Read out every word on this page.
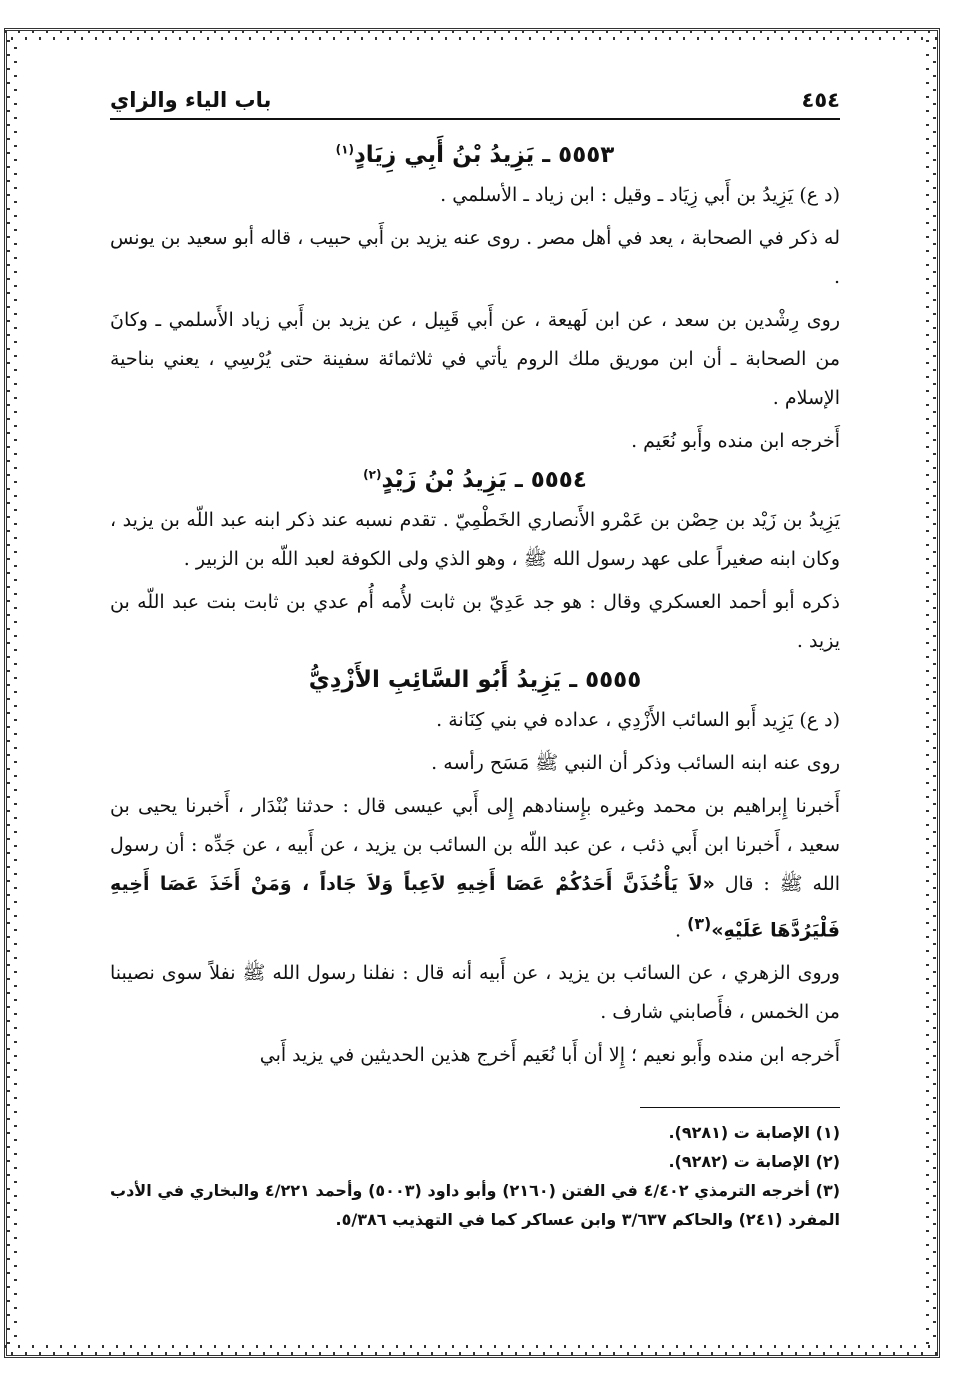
٤٥٤
باب الياء والزاي
٥٥٥٣ ـ يَزِيدُ بْنُ أَبِي زِيَادٍ$^{(١)}$

(د ع) يَزِيدُ بن أَبي زِيَاد ـ وقيل : ابن زياد ـ الأسلمي .

له ذكر في الصحابة ، يعد في أهل مصر . روى عنه يزيد بن أَبي حبيب ، قاله أبو سعيد بن يونس .

روى رِشْدين بن سعد ، عن ابن لَهيعة ، عن أَبي قَبِيل ، عن يزيد بن أَبي زياد الأَسلمي ـ وكانَ من الصحابة ـ أن ابن موريق ملك الروم يأتي في ثلاثمائة سفينة حتى يُرْسِي ، يعني بناحية الإسلام .

أَخرجه ابن منده وأَبو نُعَيم .

٥٥٥٤ ـ يَزِيدُ بْنُ زَيْدٍ$^{(٢)}$

يَزِيدُ بن زَيْد بن حِصْن بن عَمْرو الأَنصاري الخَطْمِيّ . تقدم نسبه عند ذكر ابنه عبد اللّه بن يزيد ، وكان ابنه صغيراً على عهد رسول الله ﷺ ، وهو الذي ولى الكوفة لعبد اللّه بن الزبير .

ذكره أبو أحمد العسكري وقال : هو جد عَدِيّ بن ثابت لأُمه أُم عدي بن ثابت بنت عبد اللّه بن يزيد .

٥٥٥٥ ـ يَزِيدُ أَبُو السَّائِبِ الأَزْدِيُّ

(د ع) يَزِيد أَبو السائب الأَزْدِي ، عداده في بني كِنَانة .

روى عنه ابنه السائب وذكر أن النبي ﷺ مَسَح رأسه .

أَخبرنا إِبراهيم بن محمد وغيره بإِسنادهم إِلى أَبي عيسى قال : حدثنا بُنْدَار ، أَخبرنا يحيى بن سعيد ، أَخبرنا ابن أَبي ذئب ، عن عبد اللّه بن السائب بن يزيد ، عن أَبيه ، عن جَدِّه : أن رسول الله ﷺ : قال «لاَ يَأْخُذَنَّ أَحَدُكُمْ عَصَا أَخِيهِ لاَعِباً وَلاَ جَاداً ، وَمَنْ أَخَذَ عَصَا أَخِيهِ فَلْيَرُدَّهَا عَلَيْهِ»$^{(٣)}$ .

وروى الزهري ، عن السائب بن يزيد ، عن أَبيه أنه قال : نفلنا رسول الله ﷺ نفلاً سوى نصيبنا من الخمس ، فأَصابني شارف .

أَخرجه ابن منده وأَبو نعيم ؛ إِلا أن أَبا نُعَيم أَخرج هذين الحديثين في يزيد أَبي

(١) الإصابة ت (٩٢٨١).

(٢) الإصابة ت (٩٢٨٢).

(٣) أخرجه الترمذي ٤/٤٠٢ في الفتن (٢١٦٠) وأبو داود (٥٠٠٣) وأحمد ٤/٢٢١ والبخاري في الأدب المفرد (٢٤١) والحاكم ٣/٦٣٧ وابن عساكر كما في التهذيب ٥/٣٨٦.
